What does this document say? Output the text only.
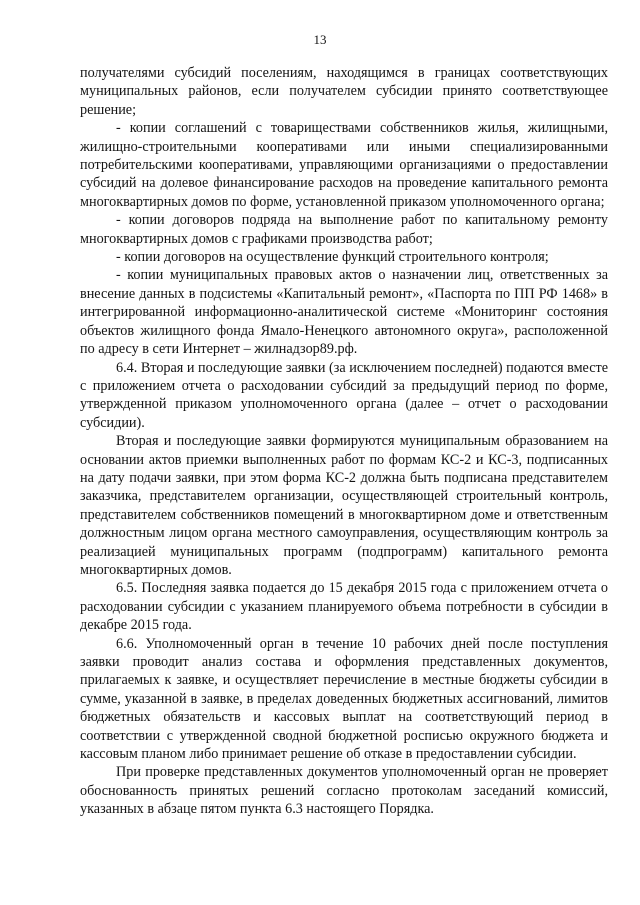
13

получателями субсидий поселениям, находящимся в границах соответствующих муниципальных районов, если получателем субсидии принято соответствующее решение;

- копии соглашений с товариществами собственников жилья, жилищными, жилищно-строительными кооперативами или иными специализированными потребительскими кооперативами, управляющими организациями о предоставлении субсидий на долевое финансирование расходов на проведение капитального ремонта многоквартирных домов по форме, установленной приказом уполномоченного органа;

- копии договоров подряда на выполнение работ по капитальному ремонту многоквартирных домов с графиками производства работ;

- копии договоров на осуществление функций строительного контроля;

- копии муниципальных правовых актов о назначении лиц, ответственных за внесение данных в подсистемы «Капитальный ремонт», «Паспорта по ПП РФ 1468» в интегрированной информационно-аналитической системе «Мониторинг состояния объектов жилищного фонда Ямало-Ненецкого автономного округа», расположенной по адресу в сети Интернет – жилнадзор89.рф.

6.4. Вторая и последующие заявки (за исключением последней) подаются вместе с приложением отчета о расходовании субсидий за предыдущий период по форме, утвержденной приказом уполномоченного органа (далее – отчет о расходовании субсидии).

Вторая и последующие заявки формируются муниципальным образованием на основании актов приемки выполненных работ по формам КС-2 и КС-3, подписанных на дату подачи заявки, при этом форма КС-2 должна быть подписана представителем заказчика, представителем организации, осуществляющей строительный контроль, представителем собственников помещений в многоквартирном доме и ответственным должностным лицом органа местного самоуправления, осуществляющим контроль за реализацией муниципальных программ (подпрограмм) капитального ремонта многоквартирных домов.

6.5. Последняя заявка подается до 15 декабря 2015 года с приложением отчета о расходовании субсидии с указанием планируемого объема потребности в субсидии в декабре 2015 года.

6.6. Уполномоченный орган в течение 10 рабочих дней после поступления заявки проводит анализ состава и оформления представленных документов, прилагаемых к заявке, и осуществляет перечисление в местные бюджеты субсидии в сумме, указанной в заявке, в пределах доведенных бюджетных ассигнований, лимитов бюджетных обязательств и кассовых выплат на соответствующий период в соответствии с утвержденной сводной бюджетной росписью окружного бюджета и кассовым планом либо принимает решение об отказе в предоставлении субсидии.

При проверке представленных документов уполномоченный орган не проверяет обоснованность принятых решений согласно протоколам заседаний комиссий, указанных в абзаце пятом пункта 6.3 настоящего Порядка.
